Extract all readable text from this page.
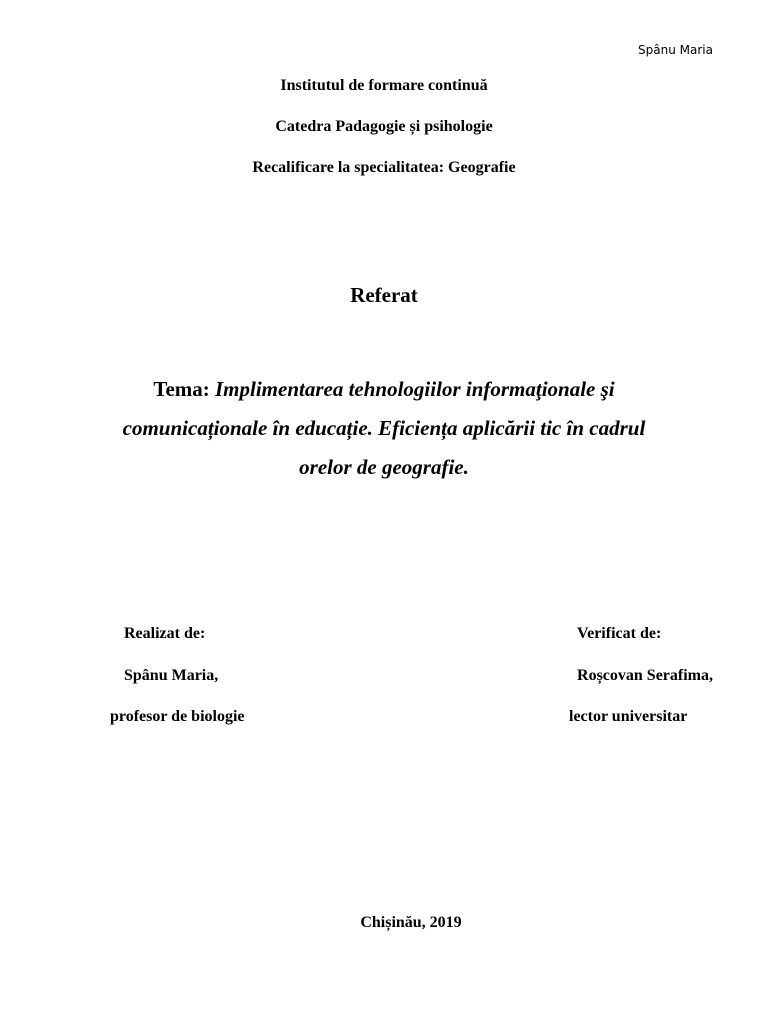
Spânu Maria

Institutul de formare continuă

Catedra Padagogie și psihologie

Recalificare la specialitatea: Geografie

Referat

Tema: Implimentarea tehnologiilor informaţionale şi comunicaționale în educație. Eficiența aplicării tic în cadrul orelor de geografie.

Realizat de:

Spânu Maria,

profesor de biologie

Verificat de:

Roșcovan Serafima,

lector universitar

Chișinău, 2019
